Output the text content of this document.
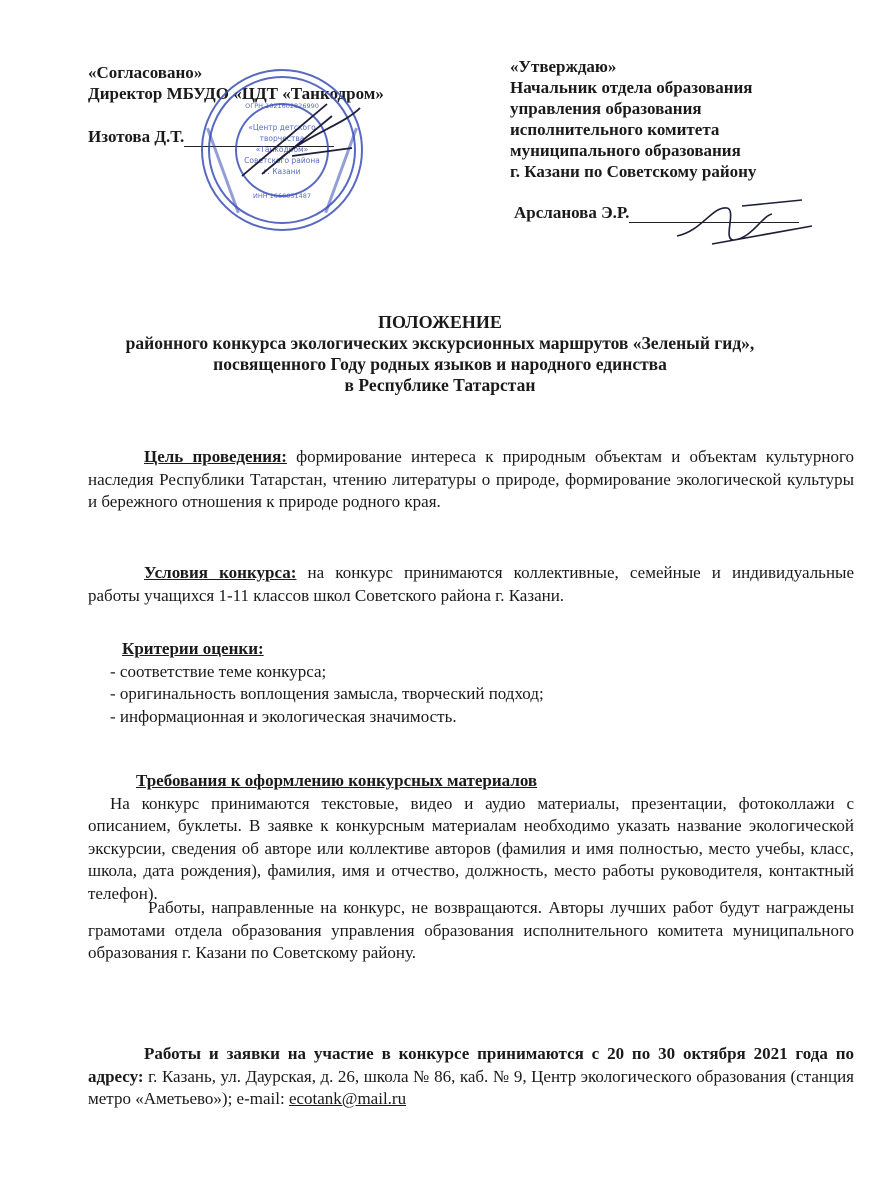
«Согласовано»
Директор МБУДО «ЦДТ «Танкодром»
Изотова Д.Т.	«Центр детского
творчества
«Танкодром»
Советского района
г. Казани
ОГРН 1021602826990
ИНН 1660031487
«Утверждаю»
Начальник отдела образования
управления образования
исполнительного комитета
муниципального образования
г. Казани по Советскому району
Арсланова Э.Р.
ПОЛОЖЕНИЕ
районного конкурса экологических экскурсионных маршрутов «Зеленый гид»,
посвященного Году родных языков и народного единства
в Республике Татарстан
Цель проведения: формирование интереса к природным объектам и объектам культурного наследия Республики Татарстан, чтению литературы о природе, формирование экологической культуры и бережного отношения к природе родного края.
Условия конкурса: на конкурс принимаются коллективные, семейные и индивидуальные работы учащихся 1-11 классов школ Советского района г. Казани.
Критерии оценки:
- соответствие теме конкурса;
- оригинальность воплощения замысла, творческий подход;
- информационная и экологическая значимость.
Требования к оформлению конкурсных материалов
На конкурс принимаются текстовые, видео и аудио материалы, презентации, фотоколлажи с описанием, буклеты. В заявке к конкурсным материалам необходимо указать название экологической экскурсии, сведения об авторе или коллективе авторов (фамилия и имя полностью, место учебы, класс, школа, дата рождения), фамилия, имя и отчество, должность, место работы руководителя, контактный телефон).
Работы, направленные на конкурс, не возвращаются. Авторы лучших работ будут награждены грамотами отдела образования управления образования исполнительного комитета муниципального образования г. Казани по Советскому району.
Работы и заявки на участие в конкурсе принимаются с 20 по 30 октября 2021 года по адресу: г. Казань, ул. Даурская, д. 26, школа № 86, каб. № 9, Центр экологического образования (станция метро «Аметьево»); e-mail: ecotank@mail.ru
